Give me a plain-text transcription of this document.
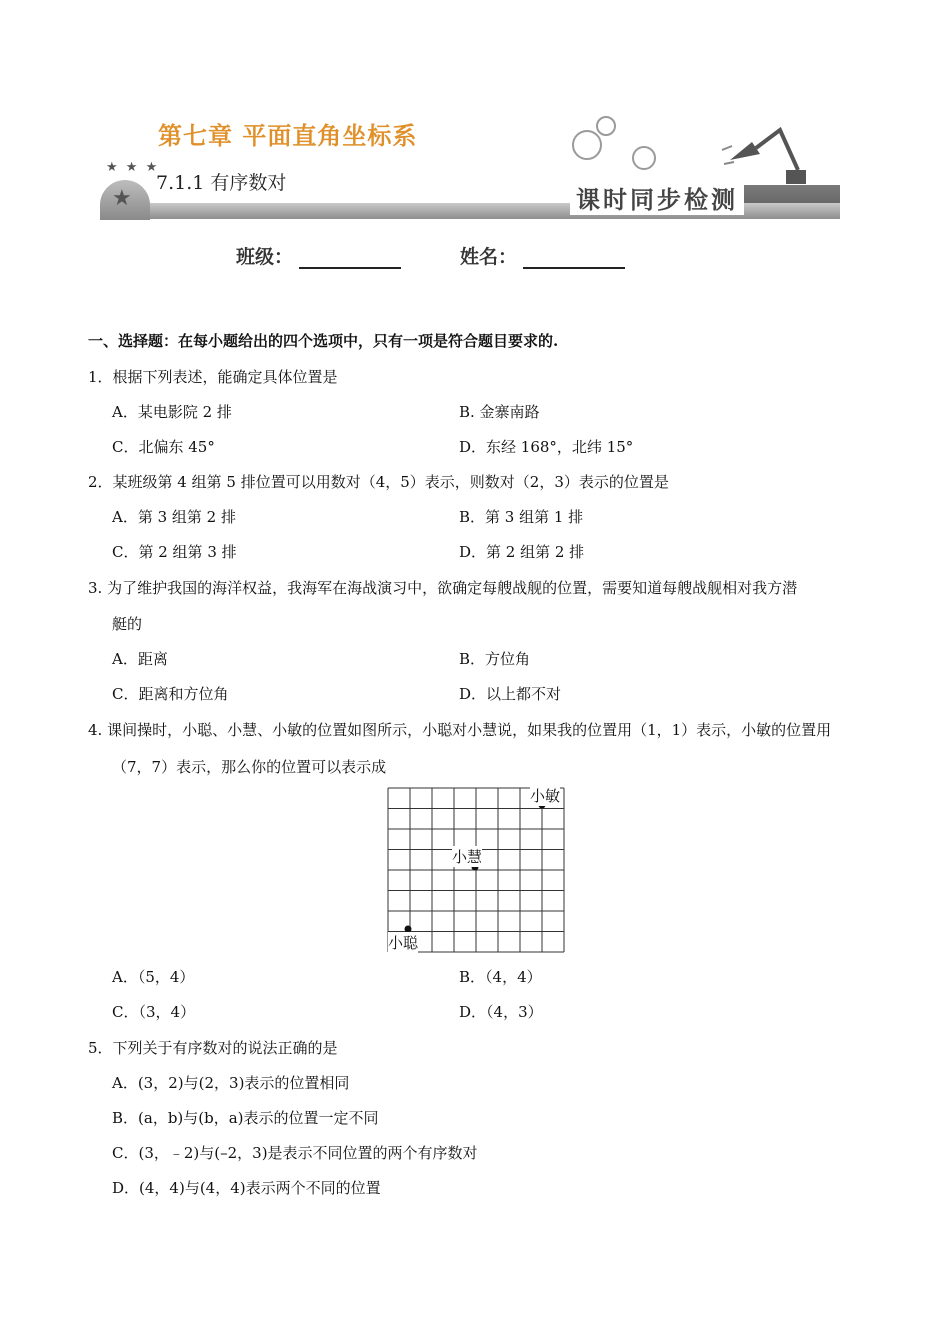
第七章 平面直角坐标系
★
★ ★ ★
7.1.1 有序数对
课时同步检测
班级：	姓名：
一、选择题：在每小题给出的四个选项中，只有一项是符合题目要求的.
1．根据下列表述，能确定具体位置是
A．某电影院 2 排	B. 金寨南路
C．北偏东 45°	D．东经 168°，北纬 15°
2．某班级第 4 组第 5 排位置可以用数对（4，5）表示，则数对（2，3）表示的位置是
A．第 3 组第 2 排	B．第 3 组第 1 排
C．第 2 组第 3 排	D．第 2 组第 2 排
3. 为了维护我国的海洋权益，我海军在海战演习中，欲确定每艘战舰的位置，需要知道每艘战舰相对我方潜
艇的
A．距离	B．方位角
C．距离和方位角	D．以上都不对
4. 课间操时，小聪、小慧、小敏的位置如图所示，小聪对小慧说，如果我的位置用（1，1）表示，小敏的位置用
（7，7）表示，那么你的位置可以表示成
小聪
小慧
小敏
A．（5，4）	B．（4，4）
C．（3，4）	D．（4，3）
5．下列关于有序数对的说法正确的是
A．(3，2)与(2，3)表示的位置相同
B．(a，b)与(b，a)表示的位置一定不同
C．(3，﹣2)与(–2，3)是表示不同位置的两个有序数对
D．(4，4)与(4，4)表示两个不同的位置
